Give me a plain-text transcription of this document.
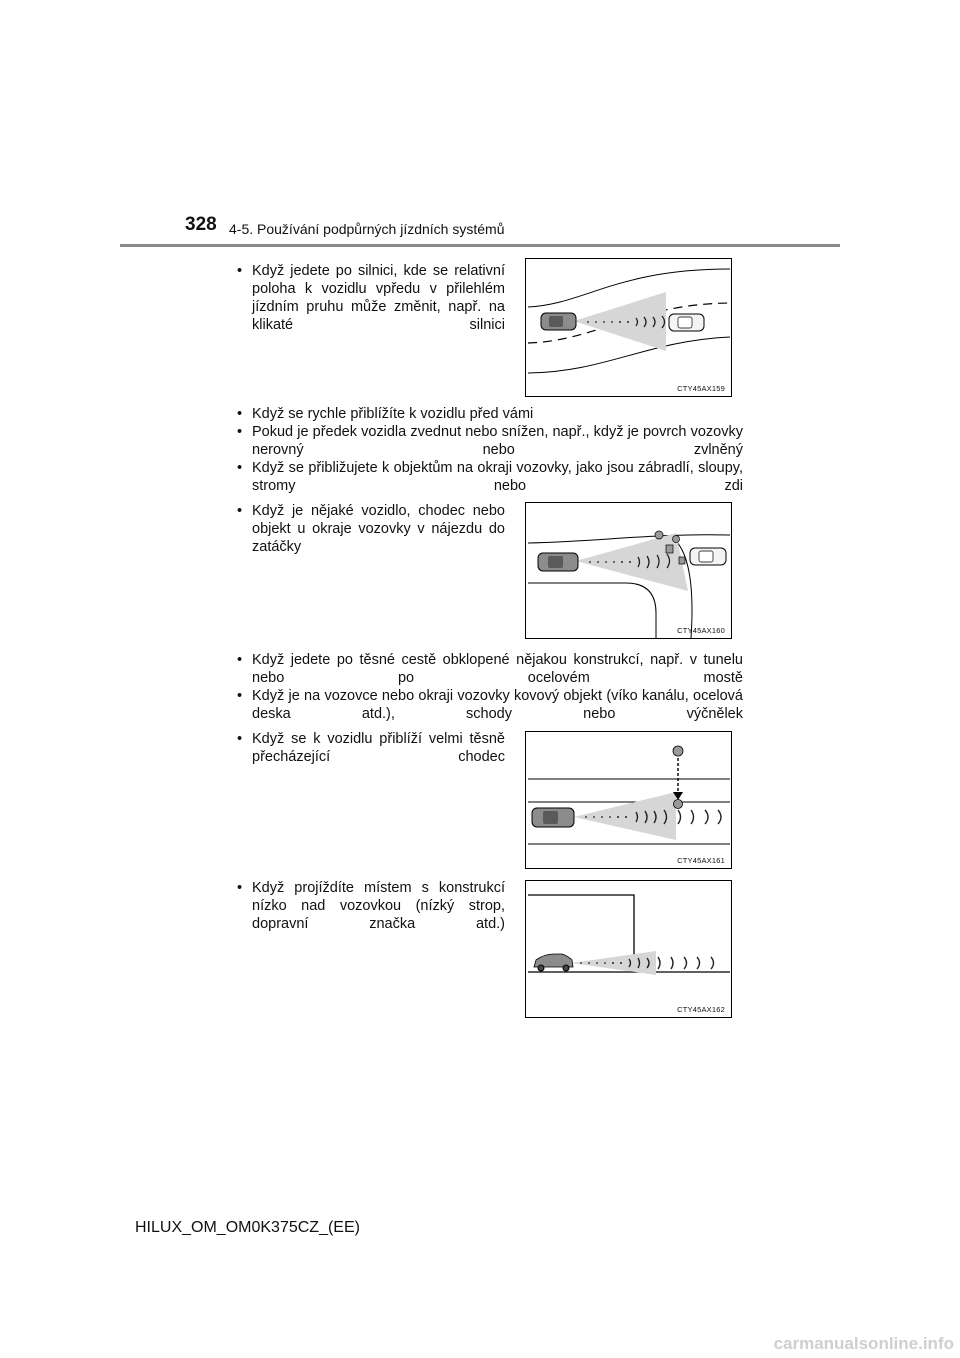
328 4-5. Používání podpůrných jízdních systémů
• Když jedete po silnici, kde se relativní poloha k vozidlu vpředu v přilehlém jízdním pruhu může změnit, např. na klikaté silnici
CTY45AX159
• Když se rychle přiblížíte k vozidlu před vámi
• Pokud je předek vozidla zvednut nebo snížen, např., když je povrch vozovky nerovný nebo zvlněný
• Když se přibližujete k objektům na okraji vozovky, jako jsou zábradlí, sloupy, stromy nebo zdi
• Když je nějaké vozidlo, chodec nebo objekt u okraje vozovky v nájezdu do zatáčky
CTY45AX160
• Když jedete po těsné cestě obklopené nějakou konstrukcí, např. v tunelu nebo po ocelovém mostě
• Když je na vozovce nebo okraji vozovky kovový objekt (víko kanálu, ocelová deska atd.), schody nebo výčnělek
• Když se k vozidlu přiblíží velmi těsně přecházející chodec
CTY45AX161
• Když projíždíte místem s konstrukcí nízko nad vozovkou (nízký strop, dopravní značka atd.)
CTY45AX162
HILUX_OM_OM0K375CZ_(EE)
carmanualsonline.info
